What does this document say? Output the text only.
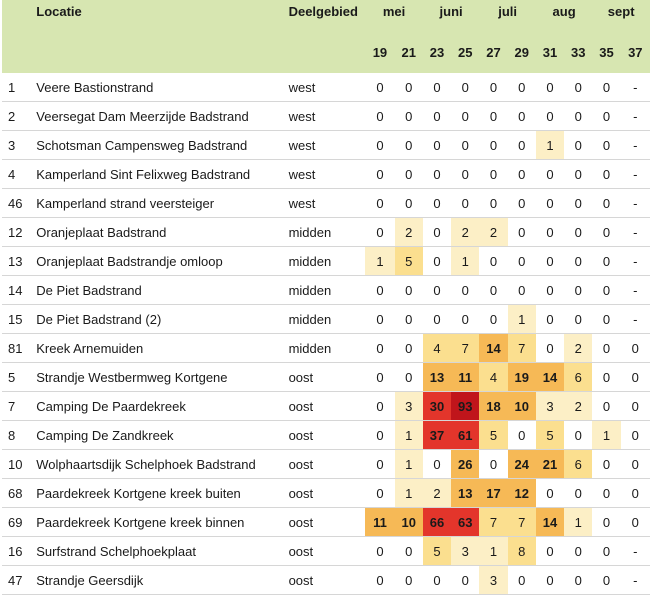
	Locatie	Deelgebied	mei		juni		juli		aug		sept	
			19	21	23	25	27	29	31	33	35	37
1	Veere Bastionstrand	west	0	0	0	0	0	0	0	0	0	-
2	Veersegat Dam Meerzijde Badstrand	west	0	0	0	0	0	0	0	0	0	-
3	Schotsman Campensweg Badstrand	west	0	0	0	0	0	0	1	0	0	-
4	Kamperland Sint Felixweg Badstrand	west	0	0	0	0	0	0	0	0	0	-
46	Kamperland strand veersteiger	west	0	0	0	0	0	0	0	0	0	-
12	Oranjeplaat Badstrand	midden	0	2	0	2	2	0	0	0	0	-
13	Oranjeplaat Badstrandje omloop	midden	1	5	0	1	0	0	0	0	0	-
14	De Piet Badstrand	midden	0	0	0	0	0	0	0	0	0	-
15	De Piet Badstrand (2)	midden	0	0	0	0	0	1	0	0	0	-
81	Kreek Arnemuiden	midden	0	0	4	7	14	7	0	2	0	0
5	Strandje Westbermweg Kortgene	oost	0	0	13	11	4	19	14	6	0	0
7	Camping De Paardekreek	oost	0	3	30	93	18	10	3	2	0	0
8	Camping De Zandkreek	oost	0	1	37	61	5	0	5	0	1	0
10	Wolphaartsdijk Schelphoek Badstrand	oost	0	1	0	26	0	24	21	6	0	0
68	Paardekreek Kortgene kreek buiten	oost	0	1	2	13	17	12	0	0	0	0
69	Paardekreek Kortgene kreek binnen	oost	11	10	66	63	7	7	14	1	0	0
16	Surfstrand Schelphoekplaat	oost	0	0	5	3	1	8	0	0	0	-
47	Strandje Geersdijk	oost	0	0	0	0	3	0	0	0	0	-
